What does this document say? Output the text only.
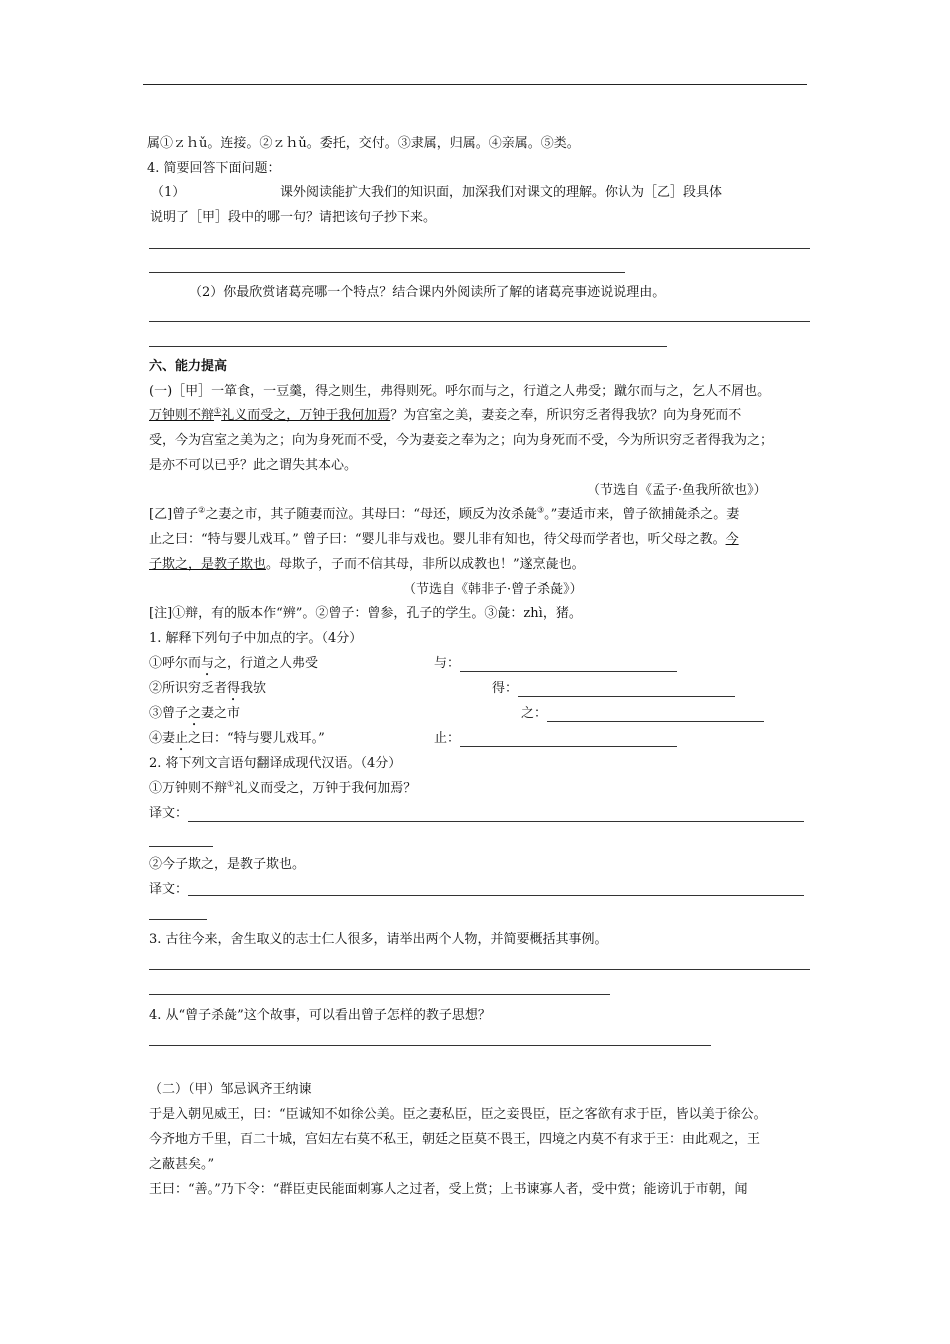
属①ｚｈǔ。连接。②ｚｈǔ。委托，交付。③隶属，归属。④亲属。⑤类。
4. 简要回答下面问题：
（1）	课外阅读能扩大我们的知识面，加深我们对课文的理解。你认为［乙］段具体
说明了［甲］段中的哪一句？请把该句子抄下来。
（2）你最欣赏诸葛亮哪一个特点？结合课内外阅读所了解的诸葛亮事迹说说理由。
六、能力提高
(一)［甲］一箪食，一豆羹，得之则生，弗得则死。呼尔而与之，行道之人弗受；蹴尔而与之，乞人不屑也。
万钟则不辩①礼义而受之，万钟于我何加焉？为宫室之美，妻妾之奉，所识穷乏者得我欤？向为身死而不
受，今为宫室之美为之；向为身死而不受，今为妻妾之奉为之；向为身死而不受，今为所识穷乏者得我为之；
是亦不可以已乎？此之谓失其本心。
（节选自《孟子·鱼我所欲也》）
[乙]曾子②之妻之市，其子随妻而泣。其母曰：“母还，顾反为汝杀彘③。”妻适市来，曾子欲捕彘杀之。妻
止之曰：“特与婴儿戏耳。” 曾子曰：“婴儿非与戏也。婴儿非有知也，待父母而学者也，听父母之教。今
子欺之，是教子欺也。母欺子，子而不信其母，非所以成教也！”遂烹彘也。
（节选自《韩非子·曾子杀彘》）
[注]①辩，有的版本作“辨”。②曾子：曾参，孔子的学生。③彘：zhì，猪。
1. 解释下列句子中加点的字。（4分）
①呼尔而与之，行道之人弗受	与：
②所识穷乏者得我欤	得：
③曾子之妻之市	之：
④妻止之曰：“特与婴儿戏耳。”	止：
2. 将下列文言语句翻译成现代汉语。（4分）
①万钟则不辩①礼义而受之，万钟于我何加焉？
译文：
②今子欺之，是教子欺也。
译文：
3. 古往今来，舍生取义的志士仁人很多，请举出两个人物，并简要概括其事例。
4. 从“曾子杀彘”这个故事，可以看出曾子怎样的教子思想？
（二）（甲）邹忌讽齐王纳谏
于是入朝见威王，曰：“臣诚知不如徐公美。臣之妻私臣，臣之妾畏臣，臣之客欲有求于臣，皆以美于徐公。
今齐地方千里，百二十城，宫妇左右莫不私王，朝廷之臣莫不畏王，四境之内莫不有求于王：由此观之，王
之蔽甚矣。”
王曰：“善。”乃下令：“群臣吏民能面刺寡人之过者，受上赏；上书谏寡人者，受中赏；能谤讥于市朝，闻
